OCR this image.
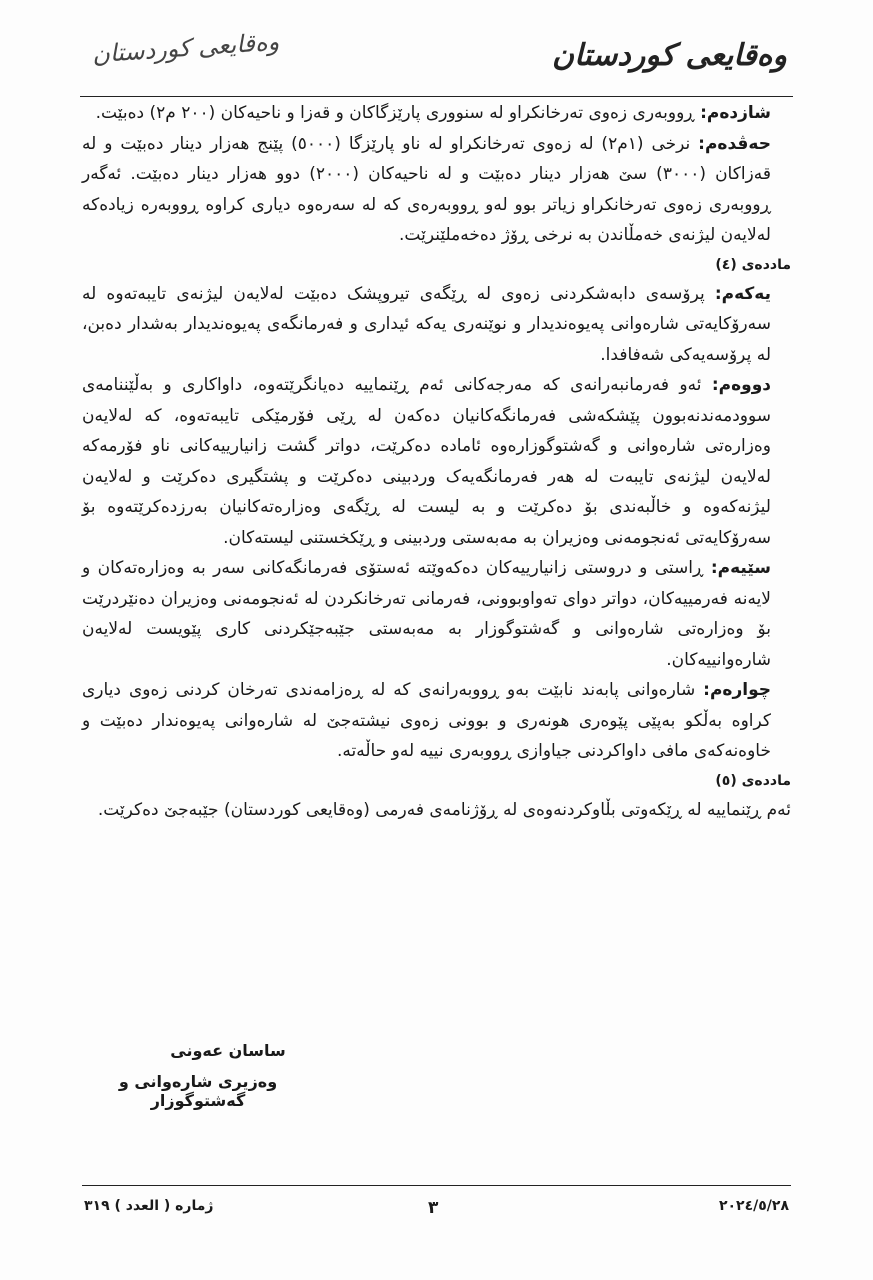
وەقایعی کوردستان
وەقایعی کوردستان

شازدەم: ڕووبەری زەوی تەرخانکراو لە سنووری پارێزگاکان و قەزا و ناحیەکان (٢٠٠ م٢) دەبێت.

حەڤدەم: نرخی (١م٢) لە زەوی تەرخانکراو لە ناو پارێزگا (٥٠٠٠) پێنج هەزار دینار دەبێت و لە قەزاکان (٣٠٠٠) سێ هەزار دینار دەبێت و لە ناحیەکان (٢٠٠٠) دوو هەزار دینار دەبێت. ئەگەر ڕووبەری زەوی تەرخانکراو زیاتر بوو لەو ڕووبەرەی کە لە سەرەوە دیاری کراوە ڕووبەرە زیادەکە لەلایەن لیژنەی خەمڵاندن بە نرخی ڕۆژ دەخەملێنرێت.

ماددەی (٤)

یەکەم: پرۆسەی دابەشکردنی زەوی لە ڕێگەی تیروپشک دەبێت لەلایەن لیژنەی تایبەتەوە لە سەرۆکایەتی شارەوانی پەیوەندیدار و نوێنەری یەکە ئیداری و فەرمانگەی پەیوەندیدار بەشدار دەبن، لە پرۆسەیەکی شەفافدا.

دووەم: ئەو فەرمانبەرانەی کە مەرجەکانی ئەم ڕێنماییە دەیانگرێتەوە، داواکاری و بەڵێننامەی سوودمەندنەبوون پێشکەشی فەرمانگەکانیان دەکەن لە ڕێی فۆرمێکی تایبەتەوە، کە لەلایەن وەزارەتی شارەوانی و گەشتوگوزارەوە ئامادە دەکرێت، دواتر گشت زانیارییەکانی ناو فۆرمەکە لەلایەن لیژنەی تایبەت لە هەر فەرمانگەیەک وردبینی دەکرێت و پشتگیری دەکرێت و لەلایەن لیژنەکەوە و خاڵبەندی بۆ دەکرێت و بە لیست لە ڕێگەی وەزارەتەکانیان بەرزدەکرێتەوە بۆ سەرۆکایەتی ئەنجومەنی وەزیران بە مەبەستی وردبینی و ڕێکخستنی لیستەکان.

سێیەم: ڕاستی و دروستی زانیارییەکان دەکەوێتە ئەستۆی فەرمانگەکانی سەر بە وەزارەتەکان و لایەنە فەرمییەکان، دواتر دوای تەواوبوونی، فەرمانی تەرخانکردن لە ئەنجومەنی وەزیران دەنێردرێت بۆ وەزارەتی شارەوانی و گەشتوگوزار بە مەبەستی جێبەجێکردنی کاری پێویست لەلایەن شارەوانییەکان.

چوارەم: شارەوانی پابەند نابێت بەو ڕووبەرانەی کە لە ڕەزامەندی تەرخان کردنی زەوی دیاری کراوە بەڵکو بەپێی پێوەری هونەری و بوونی زەوی نیشتەجێ لە شارەوانی پەیوەندار دەبێت و خاوەنەکەی مافی داواکردنی جیاوازی ڕووبەری نییە لەو حاڵەتە.

ماددەی (٥)

ئەم ڕێنماییە لە ڕێکەوتی بڵاوکردنەوەی لە ڕۆژنامەی فەرمی (وەقایعی کوردستان) جێبەجێ دەکرێت.

ساسان عەونی
وەزیری شارەوانی و گەشتوگوزار
٢٠٢٤/٥/٢٨
٣
ژمارە ( العدد ) ٣١٩
